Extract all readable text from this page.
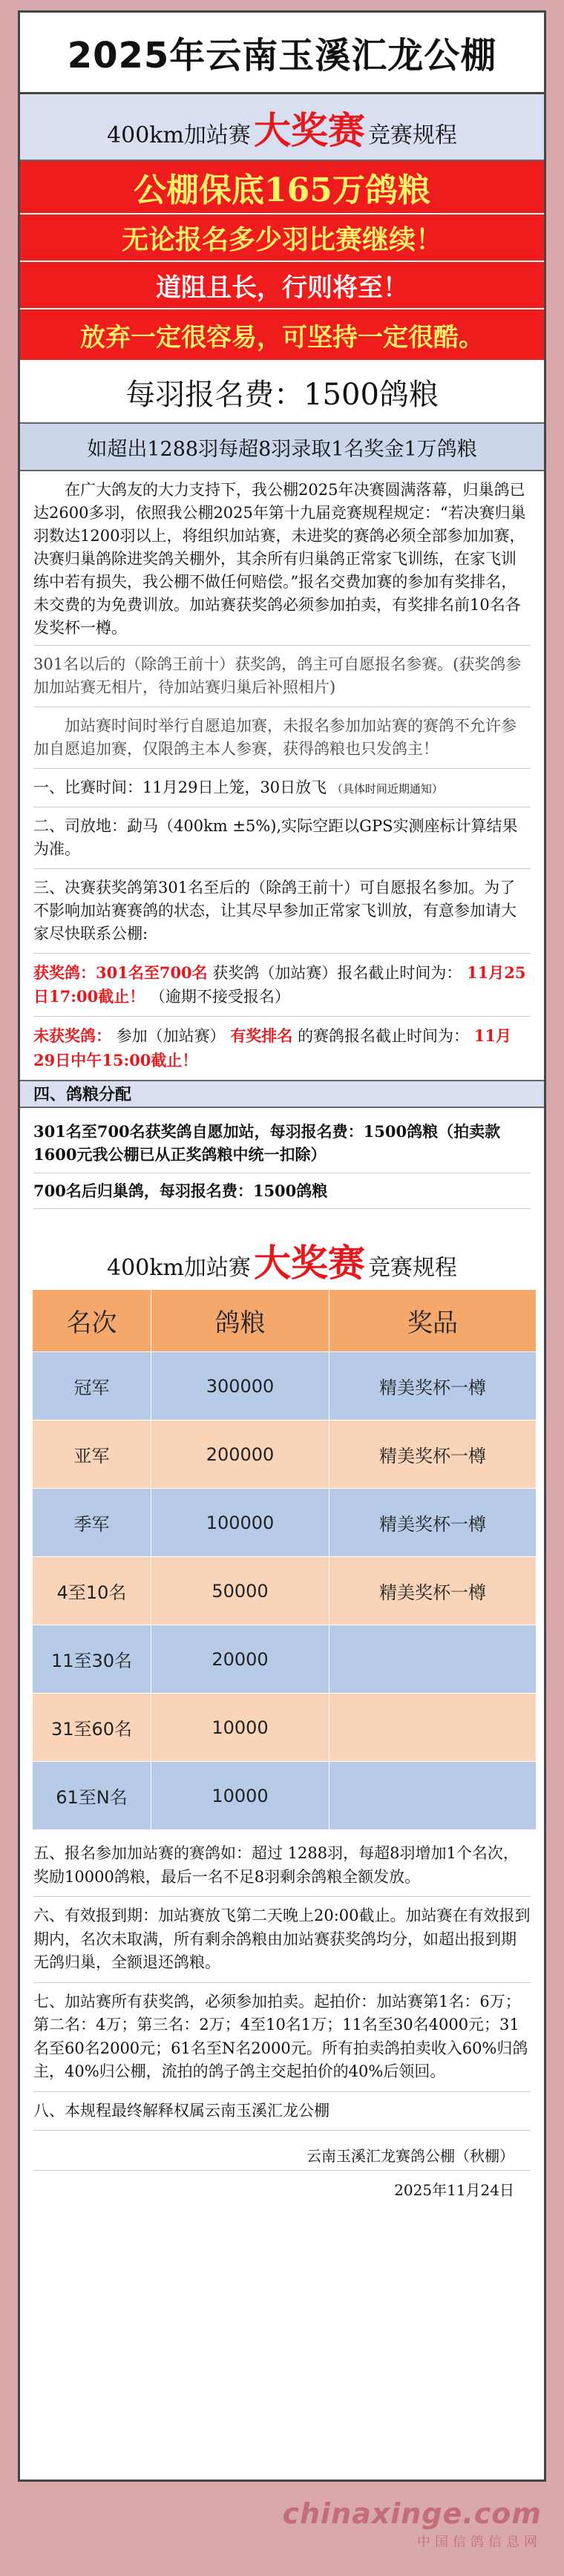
2025年云南玉溪汇龙公棚
400km加站赛 大奖赛 竞赛规程
公棚保底165万鸽粮
无论报名多少羽比赛继续！
道阻且长，行则将至！
放弃一定很容易，可坚持一定很酷。
每羽报名费：1500鸽粮
如超出1288羽每超8羽录取1名奖金1万鸽粮

在广大鸽友的大力支持下，我公棚2025年决赛圆满落幕，归巢鸽已达2600多羽，依照我公棚2025年第十九届竞赛规程规定：“若决赛归巢羽数达1200羽以上，将组织加站赛，未进奖的赛鸽必须全部参加加赛，决赛归巢鸽除进奖鸽关棚外，其余所有归巢鸽正常家飞训练，在家飞训练中若有损失，我公棚不做任何赔偿。”报名交费加赛的参加有奖排名，未交费的为免费训放。加站赛获奖鸽必须参加拍卖，有奖排名前10名各发奖杯一樽。

301名以后的（除鸽王前十）获奖鸽，鸽主可自愿报名参赛。(获奖鸽参加加站赛无相片，待加站赛归巢后补照相片)

加站赛时间时举行自愿追加赛，未报名参加加站赛的赛鸽不允许参加自愿追加赛，仅限鸽主本人参赛，获得鸽粮也只发鸽主！

一、比赛时间：11月29日上笼，30日放飞 （具体时间近期通知）

二、司放地：勐马（400km ±5%),实际空距以GPS实测座标计算结果为准。

三、决赛获奖鸽第301名至后的（除鸽王前十）可自愿报名参加。为了不影响加站赛赛鸽的状态，让其尽早参加正常家飞训放，有意参加请大家尽快联系公棚:

获奖鸽：301名至700名 获奖鸽（加站赛）报名截止时间为： 11月25日17:00截止！ （逾期不接受报名）

未获奖鸽： 参加（加站赛） 有奖排名 的赛鸽报名截止时间为： 11月29日中午15:00截止！

四、鸽粮分配

301名至700名获奖鸽自愿加站，每羽报名费：1500鸽粮（拍卖款1600元我公棚已从正奖鸽粮中统一扣除）

700名后归巢鸽，每羽报名费：1500鸽粮

400km加站赛 大奖赛 竞赛规程
名次	鸽粮	奖品
冠军	300000	精美奖杯一樽
亚军	200000	精美奖杯一樽
季军	100000	精美奖杯一樽
4至10名	50000	精美奖杯一樽
11至30名	20000	
31至60名	10000	
61至N名	10000	

五、报名参加加站赛的赛鸽如：超过 1288羽，每超8羽增加1个名次，奖励10000鸽粮，最后一名不足8羽剩余鸽粮全额发放。

六、有效报到期：加站赛放飞第二天晚上20:00截止。加站赛在有效报到期内，名次未取满，所有剩余鸽粮由加站赛获奖鸽均分，如超出报到期无鸽归巢，全额退还鸽粮。

七、加站赛所有获奖鸽，必须参加拍卖。起拍价：加站赛第1名：6万；第二名：4万；第三名：2万；4至10名1万；11名至30名4000元；31名至60名2000元；61名至N名2000元。所有拍卖鸽拍卖收入60%归鸽主，40%归公棚，流拍的鸽子鸽主交起拍价的40%后领回。

八、本规程最终解释权属云南玉溪汇龙公棚

云南玉溪汇龙赛鸽公棚（秋棚）
2025年11月24日
chinaxinge.com
中国信鸽信息网
